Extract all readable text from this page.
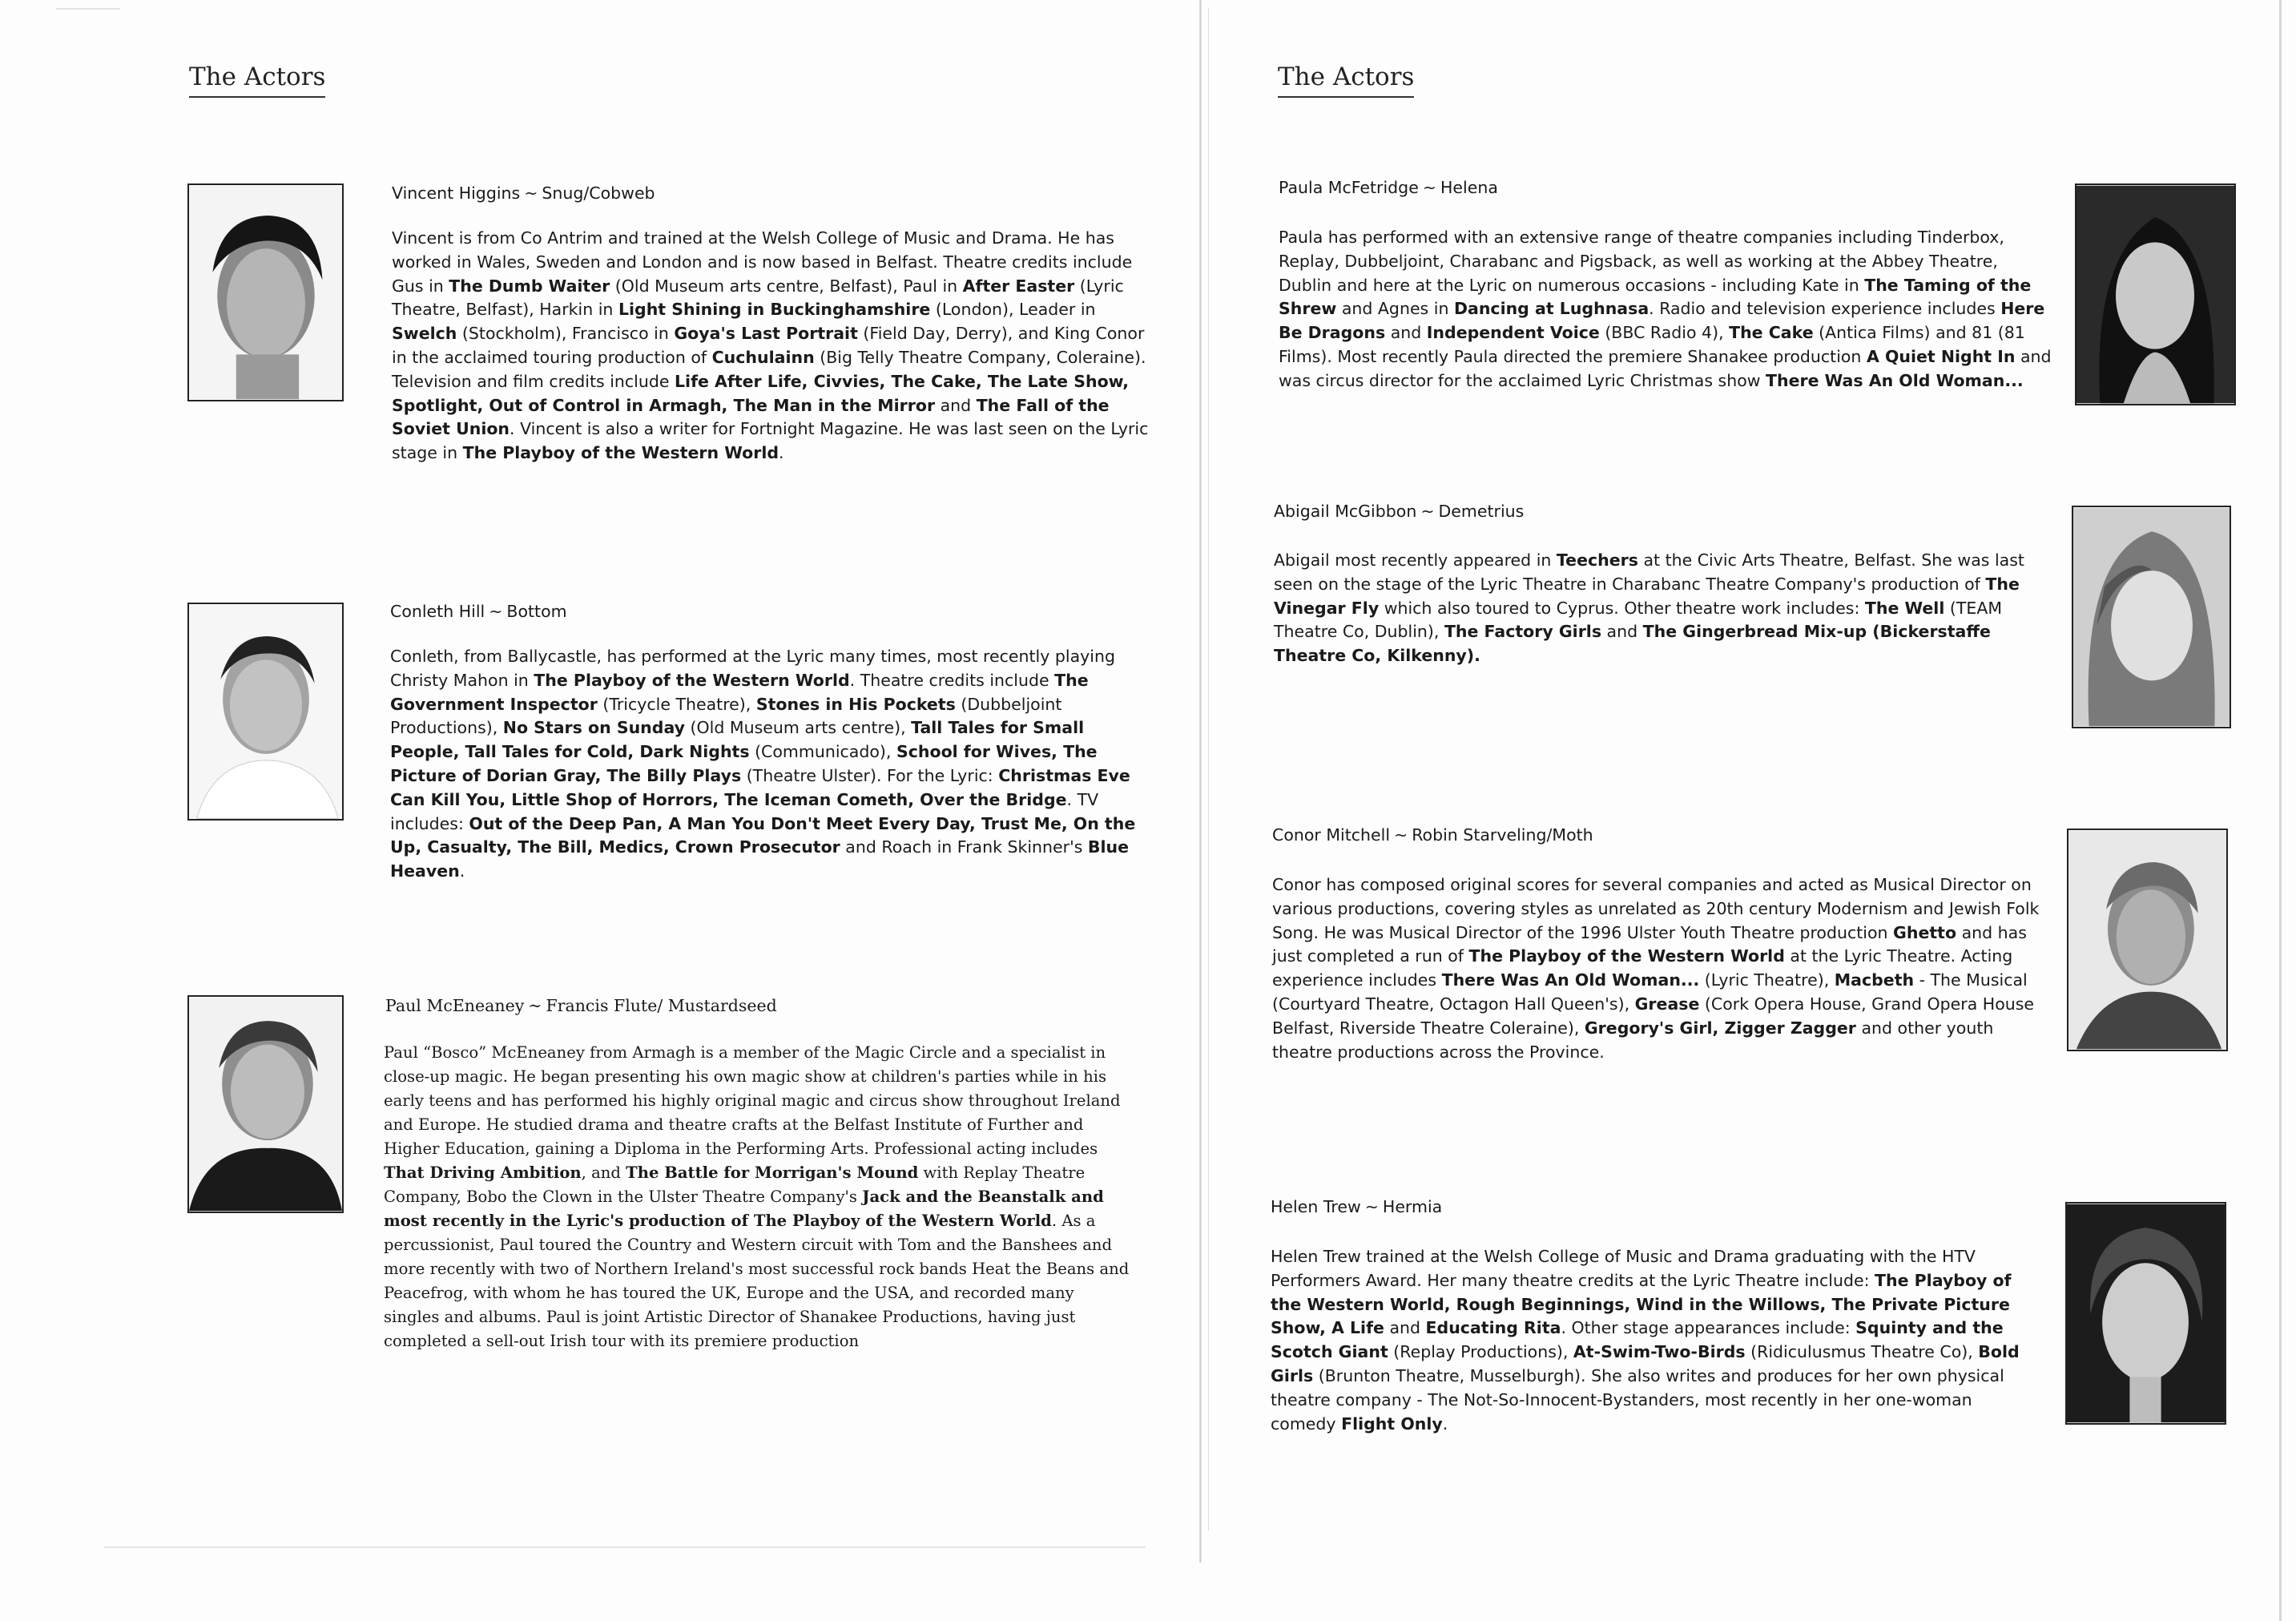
The Actors
Vincent Higgins ~ Snug/Cobweb

Vincent is from Co Antrim and trained at the Welsh College of Music and Drama. He has worked in Wales, Sweden and London and is now based in Belfast. Theatre credits include Gus in The Dumb Waiter (Old Museum arts centre, Belfast), Paul in After Easter (Lyric Theatre, Belfast), Harkin in Light Shining in Buckinghamshire (London), Leader in Swelch (Stockholm), Francisco in Goya's Last Portrait (Field Day, Derry), and King Conor in the acclaimed touring production of Cuchulainn (Big Telly Theatre Company, Coleraine). Television and film credits include Life After Life, Civvies, The Cake, The Late Show, Spotlight, Out of Control in Armagh, The Man in the Mirror and The Fall of the Soviet Union. Vincent is also a writer for Fortnight Magazine. He was last seen on the Lyric stage in The Playboy of the Western World.

Conleth Hill ~ Bottom

Conleth, from Ballycastle, has performed at the Lyric many times, most recently playing Christy Mahon in The Playboy of the Western World. Theatre credits include The Government Inspector (Tricycle Theatre), Stones in His Pockets (Dubbeljoint Productions), No Stars on Sunday (Old Museum arts centre), Tall Tales for Small People, Tall Tales for Cold, Dark Nights (Communicado), School for Wives, The Picture of Dorian Gray, The Billy Plays (Theatre Ulster). For the Lyric: Christmas Eve Can Kill You, Little Shop of Horrors, The Iceman Cometh, Over the Bridge. TV includes: Out of the Deep Pan, A Man You Don't Meet Every Day, Trust Me, On the Up, Casualty, The Bill, Medics, Crown Prosecutor and Roach in Frank Skinner's Blue Heaven.

Paul McEneaney ~ Francis Flute/ Mustardseed

Paul “Bosco” McEneaney from Armagh is a member of the Magic Circle and a specialist in close-up magic. He began presenting his own magic show at children's parties while in his early teens and has performed his highly original magic and circus show throughout Ireland and Europe. He studied drama and theatre crafts at the Belfast Institute of Further and Higher Education, gaining a Diploma in the Performing Arts. Professional acting includes That Driving Ambition, and The Battle for Morrigan's Mound with Replay Theatre Company, Bobo the Clown in the Ulster Theatre Company's Jack and the Beanstalk and most recently in the Lyric's production of The Playboy of the Western World. As a percussionist, Paul toured the Country and Western circuit with Tom and the Banshees and more recently with two of Northern Ireland's most successful rock bands Heat the Beans and Peacefrog, with whom he has toured the UK, Europe and the USA, and recorded many singles and albums. Paul is joint Artistic Director of Shanakee Productions, having just completed a sell-out Irish tour with its premiere production

The Actors
Paula McFetridge ~ Helena

Paula has performed with an extensive range of theatre companies including Tinderbox, Replay, Dubbeljoint, Charabanc and Pigsback, as well as working at the Abbey Theatre, Dublin and here at the Lyric on numerous occasions - including Kate in The Taming of the Shrew and Agnes in Dancing at Lughnasa. Radio and television experience includes Here Be Dragons and Independent Voice (BBC Radio 4), The Cake (Antica Films) and 81 (81 Films). Most recently Paula directed the premiere Shanakee production A Quiet Night In and was circus director for the acclaimed Lyric Christmas show There Was An Old Woman...

Abigail McGibbon ~ Demetrius

Abigail most recently appeared in Teechers at the Civic Arts Theatre, Belfast. She was last seen on the stage of the Lyric Theatre in Charabanc Theatre Company's production of The Vinegar Fly which also toured to Cyprus. Other theatre work includes: The Well (TEAM Theatre Co, Dublin), The Factory Girls and The Gingerbread Mix-up (Bickerstaffe Theatre Co, Kilkenny).

Conor Mitchell ~ Robin Starveling/Moth

Conor has composed original scores for several companies and acted as Musical Director on various productions, covering styles as unrelated as 20th century Modernism and Jewish Folk Song. He was Musical Director of the 1996 Ulster Youth Theatre production Ghetto and has just completed a run of The Playboy of the Western World at the Lyric Theatre. Acting experience includes There Was An Old Woman... (Lyric Theatre), Macbeth - The Musical (Courtyard Theatre, Octagon Hall Queen's), Grease (Cork Opera House, Grand Opera House Belfast, Riverside Theatre Coleraine), Gregory's Girl, Zigger Zagger and other youth theatre productions across the Province.

Helen Trew ~ Hermia

Helen Trew trained at the Welsh College of Music and Drama graduating with the HTV Performers Award. Her many theatre credits at the Lyric Theatre include: The Playboy of the Western World, Rough Beginnings, Wind in the Willows, The Private Picture Show, A Life and Educating Rita. Other stage appearances include: Squinty and the Scotch Giant (Replay Productions), At-Swim-Two-Birds (Ridiculusmus Theatre Co), Bold Girls (Brunton Theatre, Musselburgh). She also writes and produces for her own physical theatre company - The Not-So-Innocent-Bystanders, most recently in her one-woman comedy Flight Only.
